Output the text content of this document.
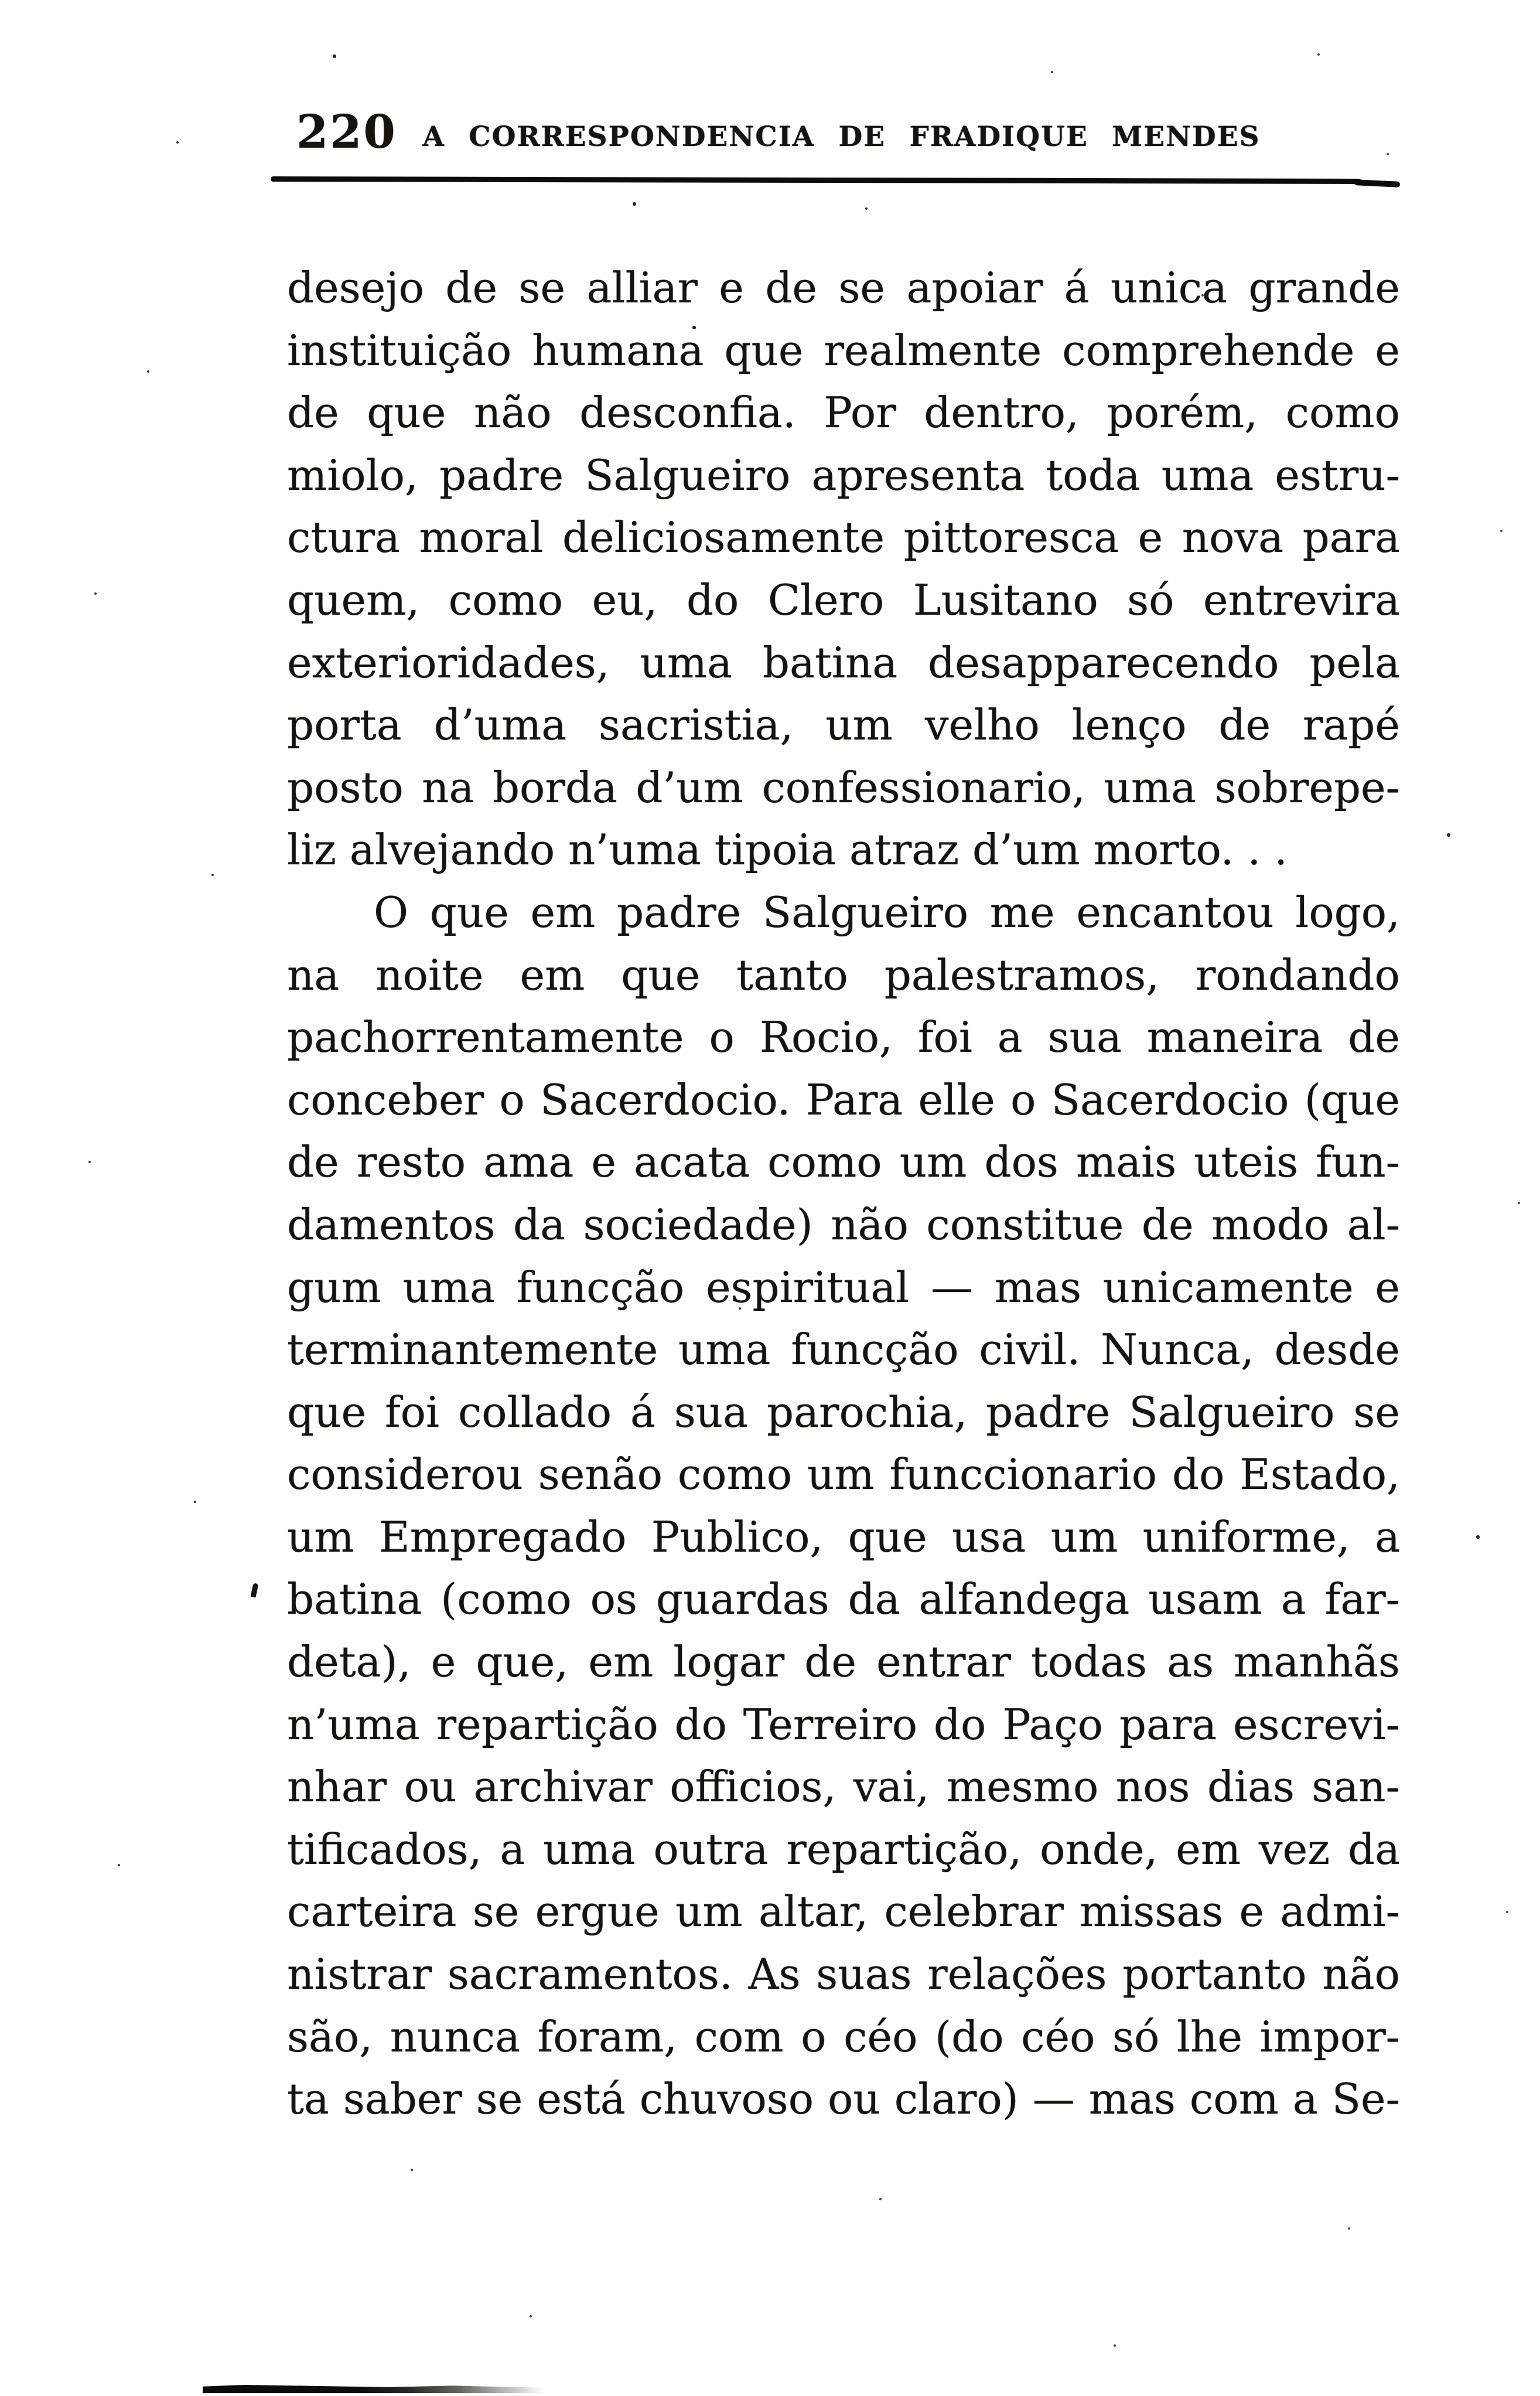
220 A CORRESPONDENCIA DE FRADIQUE MENDES
desejo de se alliar e de se apoiar á unica grande
instituição humana que realmente comprehende e
de que não desconfia. Por dentro, porém, como
miolo, padre Salgueiro apresenta toda uma estru-
ctura moral deliciosamente pittoresca e nova para
quem, como eu, do Clero Lusitano só entrevira
exterioridades, uma batina desapparecendo pela
porta d’uma sacristia, um velho lenço de rapé
posto na borda d’um confessionario, uma sobrepe-
liz alvejando n’uma tipoia atraz d’um morto. . .
O que em padre Salgueiro me encantou logo,
na noite em que tanto palestramos, rondando
pachorrentamente o Rocio, foi a sua maneira de
conceber o Sacerdocio. Para elle o Sacerdocio (que
de resto ama e acata como um dos mais uteis fun-
damentos da sociedade) não constitue de modo al-
gum uma funcção espiritual — mas unicamente e
terminantemente uma funcção civil. Nunca, desde
que foi collado á sua parochia, padre Salgueiro se
considerou senão como um funccionario do Estado,
um Empregado Publico, que usa um uniforme, a
batina (como os guardas da alfandega usam a far-
deta), e que, em logar de entrar todas as manhãs
n’uma repartição do Terreiro do Paço para escrevi-
nhar ou archivar officios, vai, mesmo nos dias san-
tificados, a uma outra repartição, onde, em vez da
carteira se ergue um altar, celebrar missas e admi-
nistrar sacramentos. As suas relações portanto não
são, nunca foram, com o céo (do céo só lhe impor-
ta saber se está chuvoso ou claro) — mas com a Se-
